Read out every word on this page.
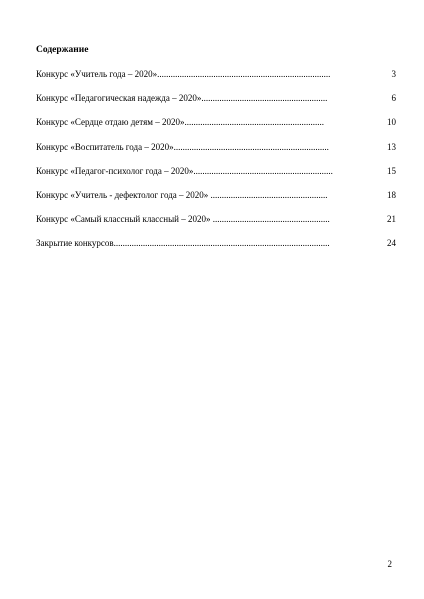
Содержание
Конкурс «Учитель года – 2020».............................................................................	3
Конкурс «Педагогическая надежда – 2020»........................................................	6
Конкурс «Сердце отдаю детям – 2020»..............................................................	10
Конкурс «Воспитатель года – 2020».....................................................................	13
Конкурс «Педагог-психолог года – 2020»..............................................................	15
Конкурс «Учитель - дефектолог года – 2020» ....................................................	18
Конкурс «Самый классный классный – 2020» ....................................................	21
Закрытие конкурсов................................................................................................	24
2
